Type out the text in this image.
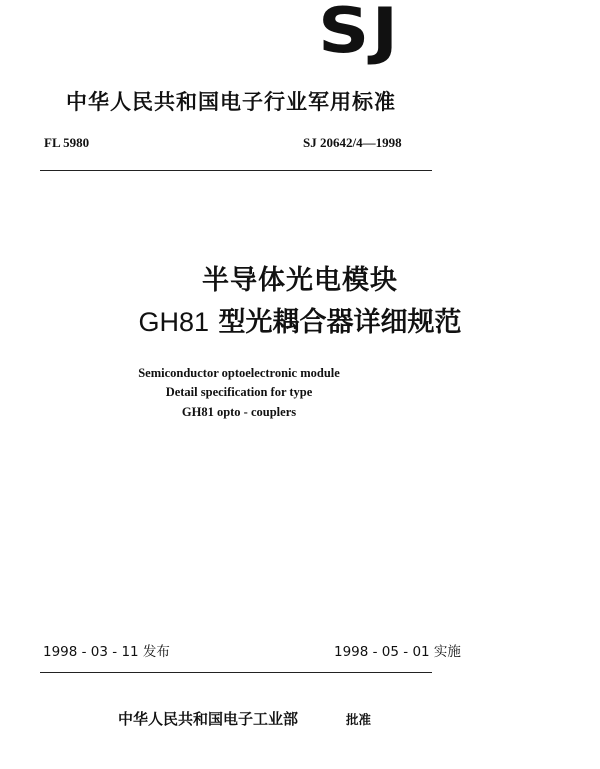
SJ
中华人民共和国电子行业军用标准
FL 5980	SJ 20642/4—1998
半导体光电模块
GH81 型光耦合器详细规范
Semiconductor optoelectronic module
Detail specification for type
GH81 opto - couplers
1998 - 03 - 11 发布	1998 - 05 - 01 实施
中华人民共和国电子工业部	批准
